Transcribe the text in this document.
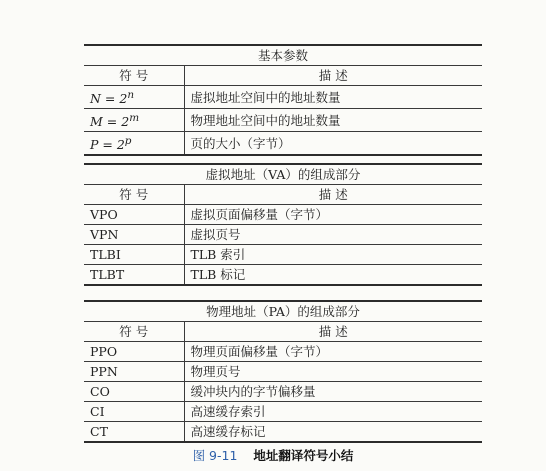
基本参数	
符 号	描 述
$N = 2^n$	虚拟地址空间中的地址数量
$M = 2^m$	物理地址空间中的地址数量
$P = 2^p$	页的大小（字节）
虚拟地址（VA）的组成部分	
符 号	描 述
VPO	虚拟页面偏移量（字节）
VPN	虚拟页号
TLBI	TLB 索引
TLBT	TLB 标记
物理地址（PA）的组成部分	
符 号	描 述
PPO	物理页面偏移量（字节）
PPN	物理页号
CO	缓冲块内的字节偏移量
CI	高速缓存索引
CT	高速缓存标记
图 9-11 地址翻译符号小结
